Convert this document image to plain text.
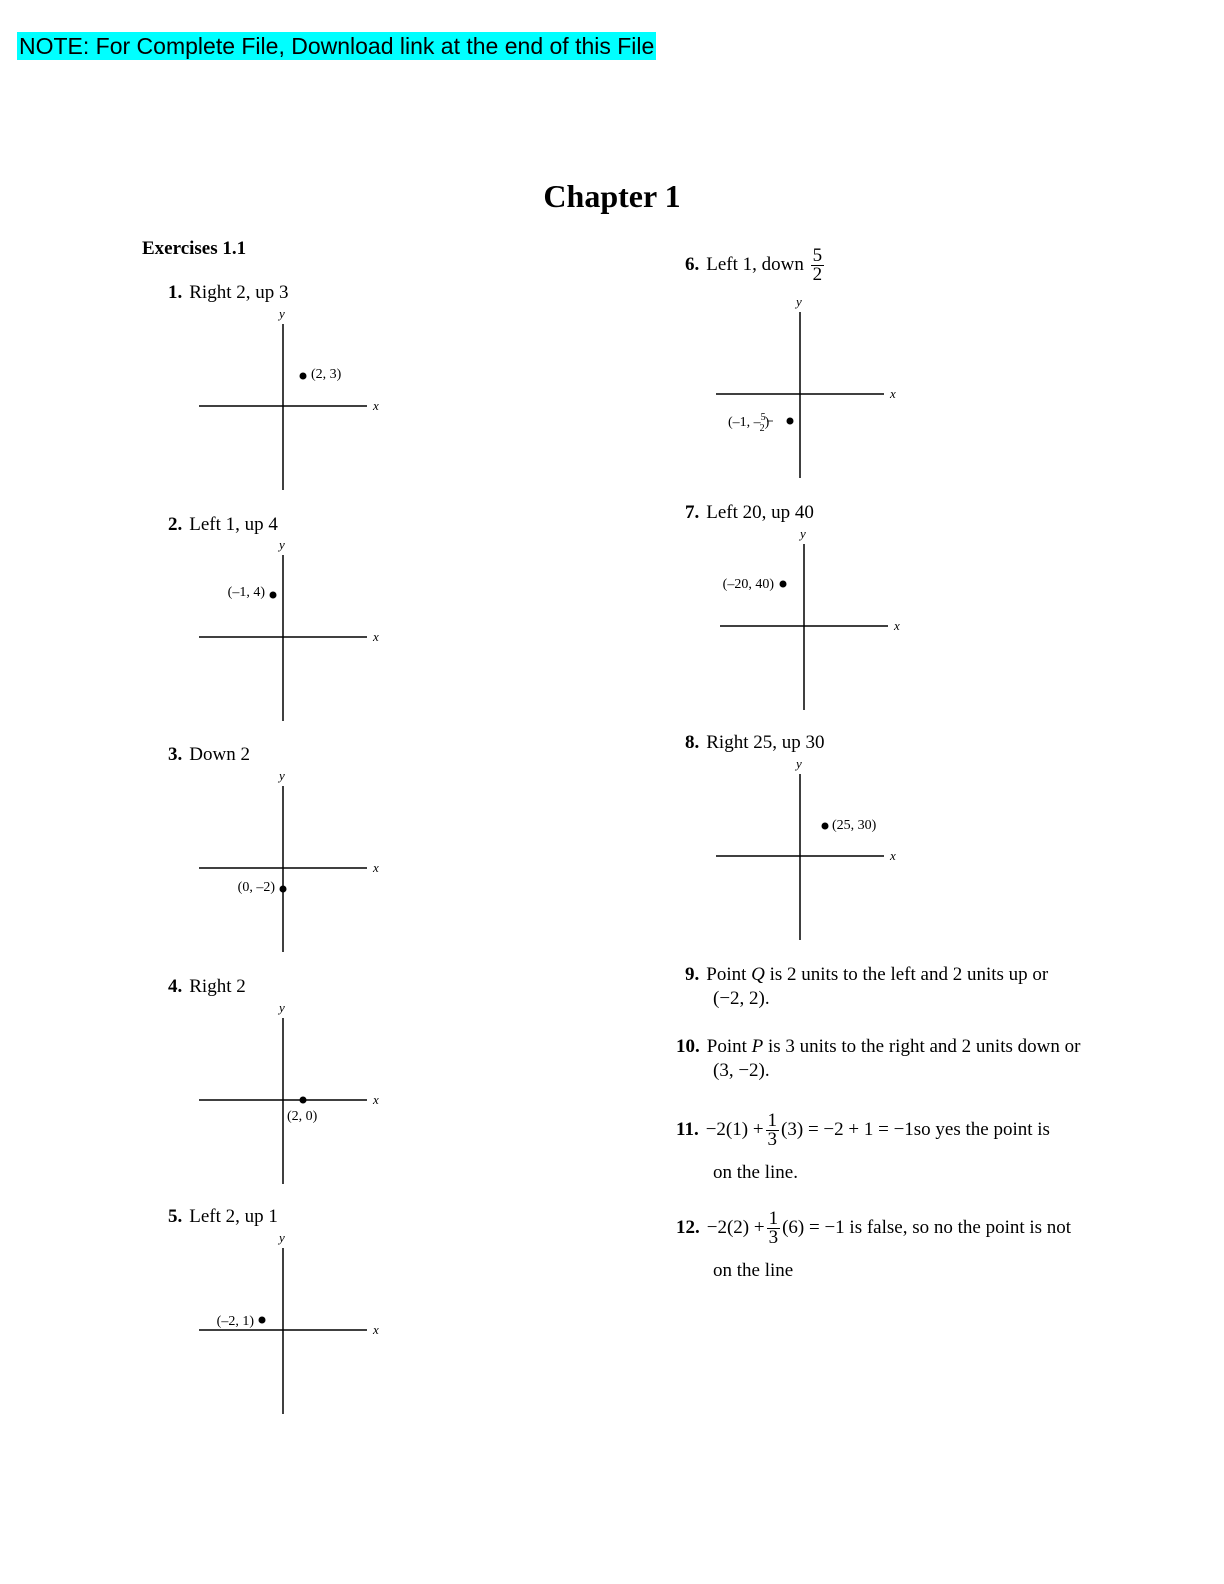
NOTE: For Complete File, Download link at the end of this File
Chapter 1
Exercises 1.1
1. Right 2, up 3
x
y
(2, 3)
2. Left 1, up 4
x
y
(–1, 4)
3. Down 2
x
y
(0, –2)
4. Right 2
x
y
(2, 0)
5. Left 2, up 1
x
y
(–2, 1)
6. Left 1, down $\frac{5}{2}$
x
y
(–1, –$^5$ 2)
7. Left 20, up 40
x
y
(–20, 40)
8. Right 25, up 30
x
y
(25, 30)
9. Point Q is 2 units to the left and 2 units up or
(−2, 2).
10. Point P is 3 units to the right and 2 units down or
(3, −2).
11. $-2(1) + \frac{1}{3} (3) = -2 + 1 = -1so$ yes the point is
on the line.
12. $-2(2) + \frac{1}{3} (6) = -1$ is false, so no the point is not
on the line
